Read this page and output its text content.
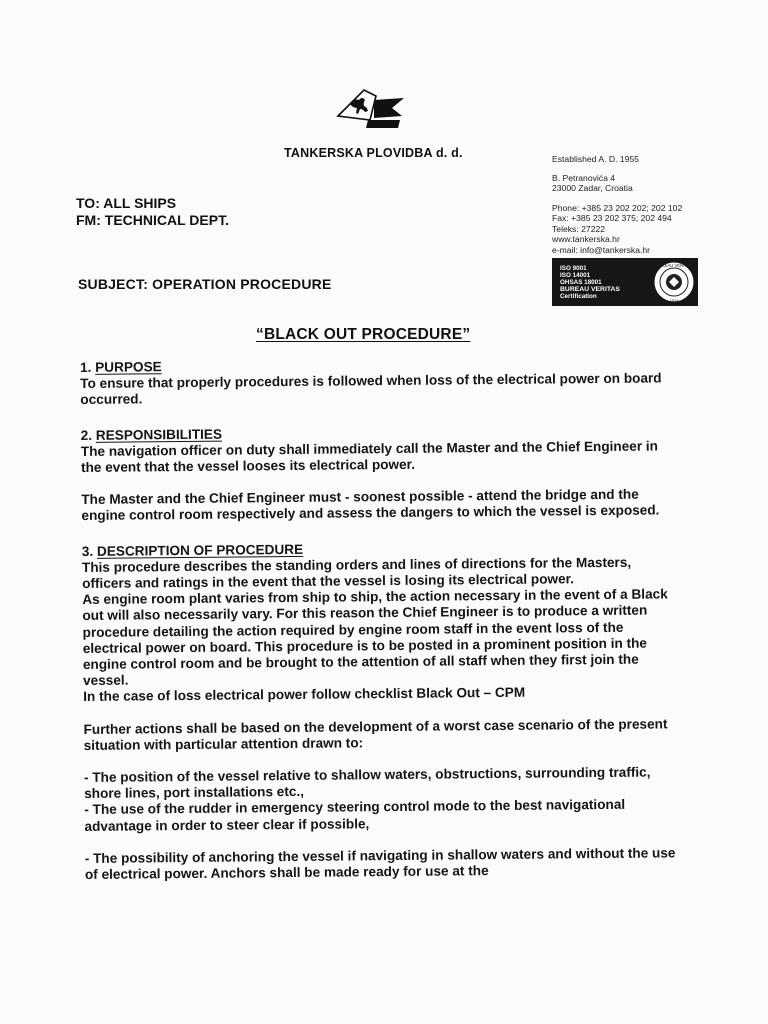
TANKERSKA PLOVIDBA d. d.	Established A. D. 1955
B. Petranovića 4
23000 Zadar, Croatia
Phone: +385 23 202 202; 202 102
Fax: +385 23 202 375; 202 494
Teleks: 27222
www.tankerska.hr
e-mail: info@tankerska.hr
TO: ALL SHIPS
FM: TECHNICAL DEPT.
ISO 9001
ISO 14001
OHSAS 18001
BUREAU VERITAS
Certification
BUREAU VERITAS
1828
SUBJECT: OPERATION PROCEDURE
“BLACK OUT PROCEDURE”

1. PURPOSE

To ensure that properly procedures is followed when loss of the electrical power on board occurred.

2. RESPONSIBILITIES

The navigation officer on duty shall immediately call the Master and the Chief Engineer in the event that the vessel looses its electrical power.

The Master and the Chief Engineer must - soonest possible - attend the bridge and the engine control room respectively and assess the dangers to which the vessel is exposed.

3. DESCRIPTION OF PROCEDURE

This procedure describes the standing orders and lines of directions for the Masters, officers and ratings in the event that the vessel is losing its electrical power.

As engine room plant varies from ship to ship, the action necessary in the event of a Black out will also necessarily vary. For this reason the Chief Engineer is to produce a written procedure detailing the action required by engine room staff in the event loss of the electrical power on board. This procedure is to be posted in a prominent position in the engine control room and be brought to the attention of all staff when they first join the vessel.

In the case of loss electrical power follow checklist Black Out – CPM

Further actions shall be based on the development of a worst case scenario of the present situation with particular attention drawn to:

- The position of the vessel relative to shallow waters, obstructions, surrounding traffic, shore lines, port installations etc.,

- The use of the rudder in emergency steering control mode to the best navigational advantage in order to steer clear if possible,

- The possibility of anchoring the vessel if navigating in shallow waters and without the use of electrical power. Anchors shall be made ready for use at the
